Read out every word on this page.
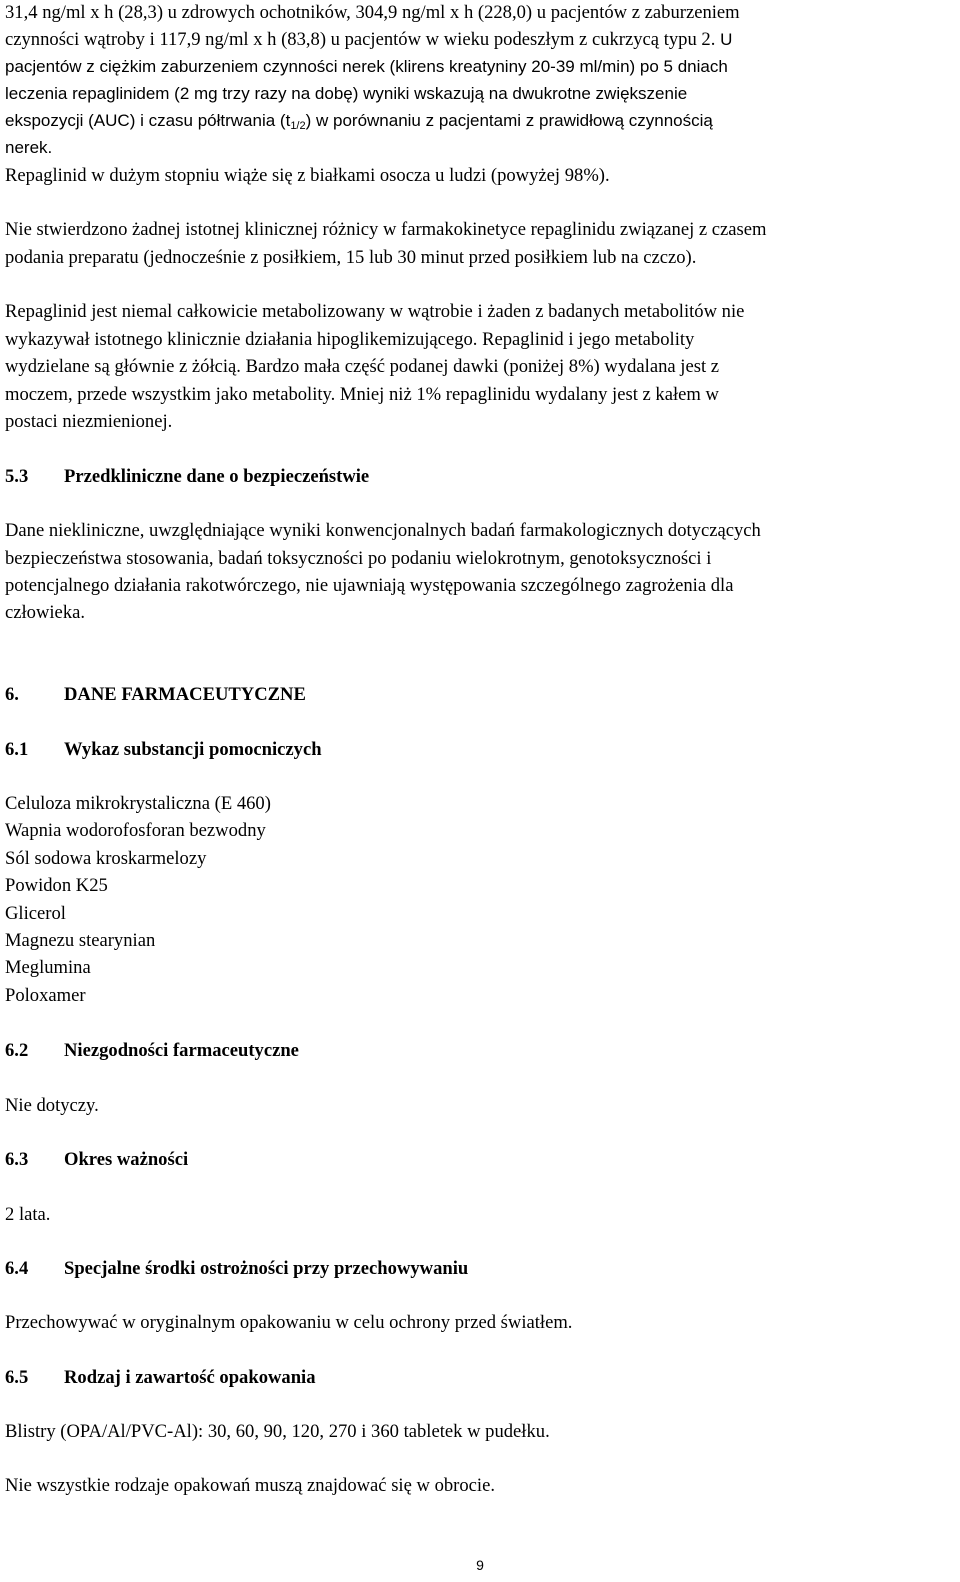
31,4 ng/ml x h (28,3) u zdrowych ochotników, 304,9 ng/ml x h (228,0) u pacjentów z zaburzeniem
czynności wątroby i 117,9 ng/ml x h (83,8) u pacjentów w wieku podeszłym z cukrzycą typu 2. U
pacjentów z ciężkim zaburzeniem czynności nerek (klirens kreatyniny 20-39 ml/min) po 5 dniach
leczenia repaglinidem (2 mg trzy razy na dobę) wyniki wskazują na dwukrotne zwiększenie
ekspozycji (AUC) i czasu półtrwania $(t_{1/2})$ w porównaniu z pacjentami z prawidłową czynnością
nerek.
Repaglinid w dużym stopniu wiąże się z białkami osocza u ludzi (powyżej 98%).
Nie stwierdzono żadnej istotnej klinicznej różnicy w farmakokinetyce repaglinidu związanej z czasem
podania preparatu (jednocześnie z posiłkiem, 15 lub 30 minut przed posiłkiem lub na czczo).
Repaglinid jest niemal całkowicie metabolizowany w wątrobie i żaden z badanych metabolitów nie
wykazywał istotnego klinicznie działania hipoglikemizującego. Repaglinid i jego metabolity
wydzielane są głównie z żółcią. Bardzo mała część podanej dawki (poniżej 8%) wydalana jest z
moczem, przede wszystkim jako metabolity. Mniej niż 1% repaglinidu wydalany jest z kałem w
postaci niezmienionej.
5.3 Przedkliniczne dane o bezpieczeństwie
Dane niekliniczne, uwzględniające wyniki konwencjonalnych badań farmakologicznych dotyczących
bezpieczeństwa stosowania, badań toksyczności po podaniu wielokrotnym, genotoksyczności i
potencjalnego działania rakotwórczego, nie ujawniają występowania szczególnego zagrożenia dla
człowieka.
6. DANE FARMACEUTYCZNE
6.1 Wykaz substancji pomocniczych
Celuloza mikrokrystaliczna (E 460)
Wapnia wodorofosforan bezwodny
Sól sodowa kroskarmelozy
Powidon K25
Glicerol
Magnezu stearynian
Meglumina
Poloxamer
6.2 Niezgodności farmaceutyczne
Nie dotyczy.
6.3 Okres ważności
2 lata.
6.4 Specjalne środki ostrożności przy przechowywaniu
Przechowywać w oryginalnym opakowaniu w celu ochrony przed światłem.
6.5 Rodzaj i zawartość opakowania
Blistry (OPA/Al/PVC-Al): 30, 60, 90, 120, 270 i 360 tabletek w pudełku.
Nie wszystkie rodzaje opakowań muszą znajdować się w obrocie.
9
